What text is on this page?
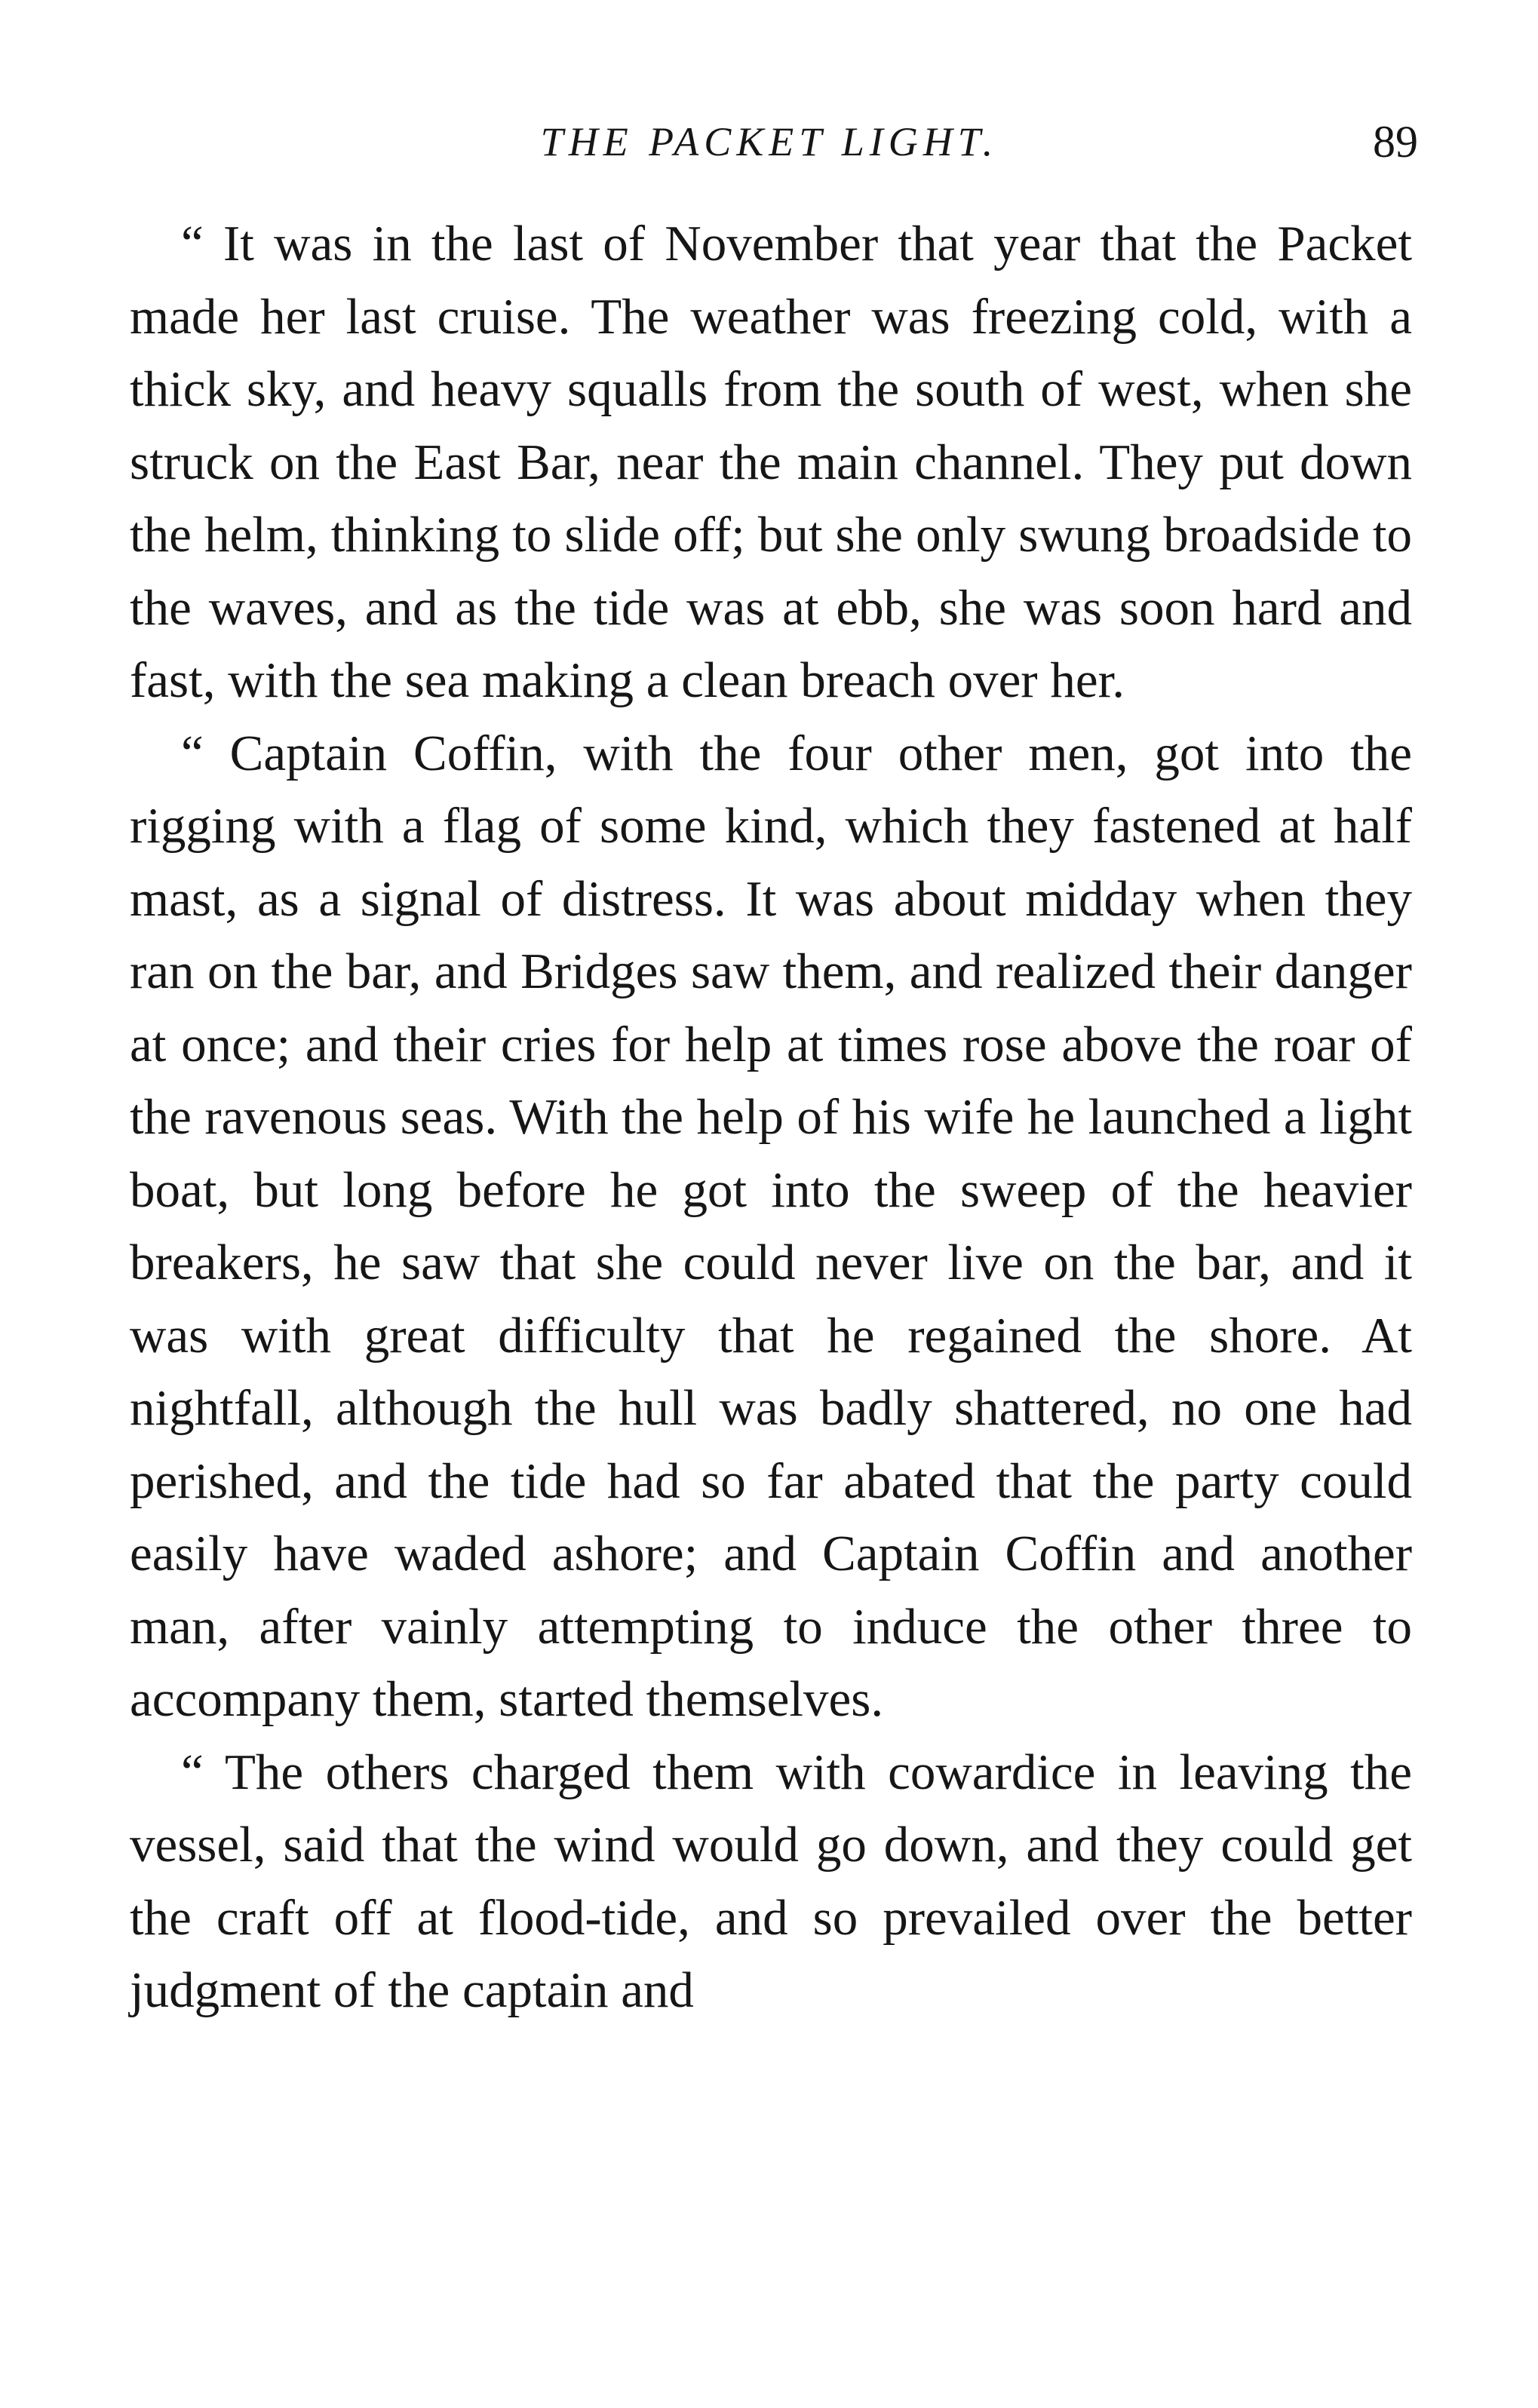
THE PACKET LIGHT.	89

“ It was in the last of November that year that the Packet made her last cruise. The weather was freezing cold, with a thick sky, and heavy squalls from the south of west, when she struck on the East Bar, near the main channel. They put down the helm, thinking to slide off; but she only swung broadside to the waves, and as the tide was at ebb, she was soon hard and fast, with the sea making a clean breach over her.

“ Captain Coffin, with the four other men, got into the rigging with a flag of some kind, which they fastened at half mast, as a signal of distress. It was about midday when they ran on the bar, and Bridges saw them, and realized their danger at once; and their cries for help at times rose above the roar of the ravenous seas. With the help of his wife he launched a light boat, but long before he got into the sweep of the heavier breakers, he saw that she could never live on the bar, and it was with great difficulty that he regained the shore. At nightfall, although the hull was badly shattered, no one had perished, and the tide had so far abated that the party could easily have waded ashore; and Captain Coffin and another man, after vainly attempting to induce the other three to accompany them, started themselves.

“ The others charged them with cowardice in leaving the vessel, said that the wind would go down, and they could get the craft off at flood-tide, and so prevailed over the better judgment of the captain and
